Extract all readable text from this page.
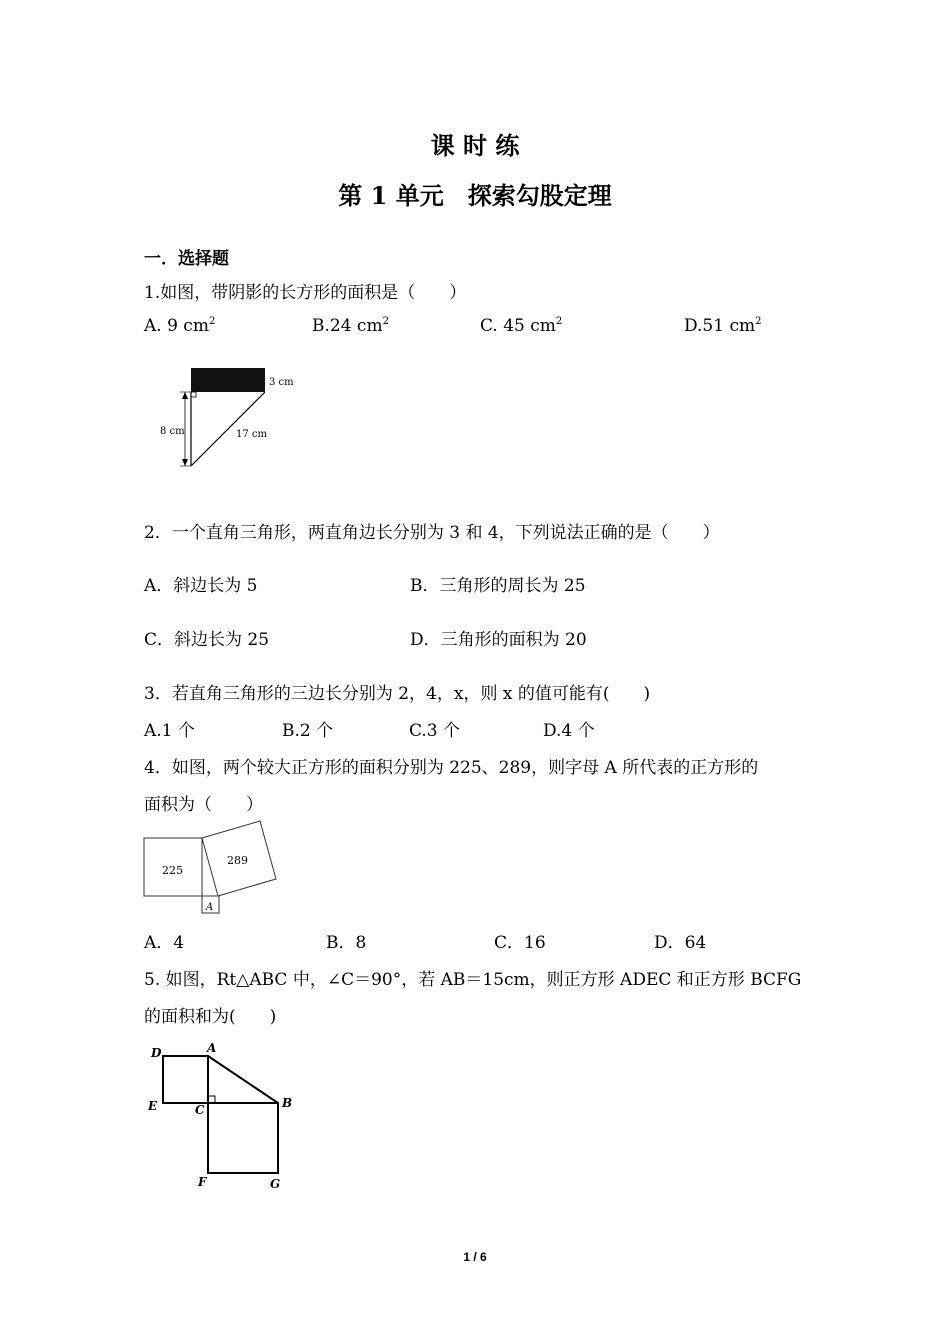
课 时 练
第 1 单元　探索勾股定理
一．选择题
1.如图，带阴影的长方形的面积是（　　）
A. 9 $cm^2$	B.24 $cm^2$	C. 45 $cm^2$	D.51 $cm^2$
3 cm
8 cm	17 cm
2．一个直角三角形，两直角边长分别为 3 和 4，下列说法正确的是（　　）
A．斜边长为 5	B．三角形的周长为 25
C．斜边长为 25	D．三角形的面积为 20
3．若直角三角形的三边长分别为 2，4，x，则 x 的值可能有(　　)
A.1 个	B.2 个	C.3 个	D.4 个
4．如图，两个较大正方形的面积分别为 225、289，则字母 A 所代表的正方形的
面积为（　　）
225
289
A
A．4	B．8	C．16	D．64
5. 如图，Rt△ABC 中，∠C＝90°，若 AB＝15cm，则正方形 ADEC 和正方形 BCFG
的面积和为(　　)
D	A
E	C	B
F	G
1 / 6
